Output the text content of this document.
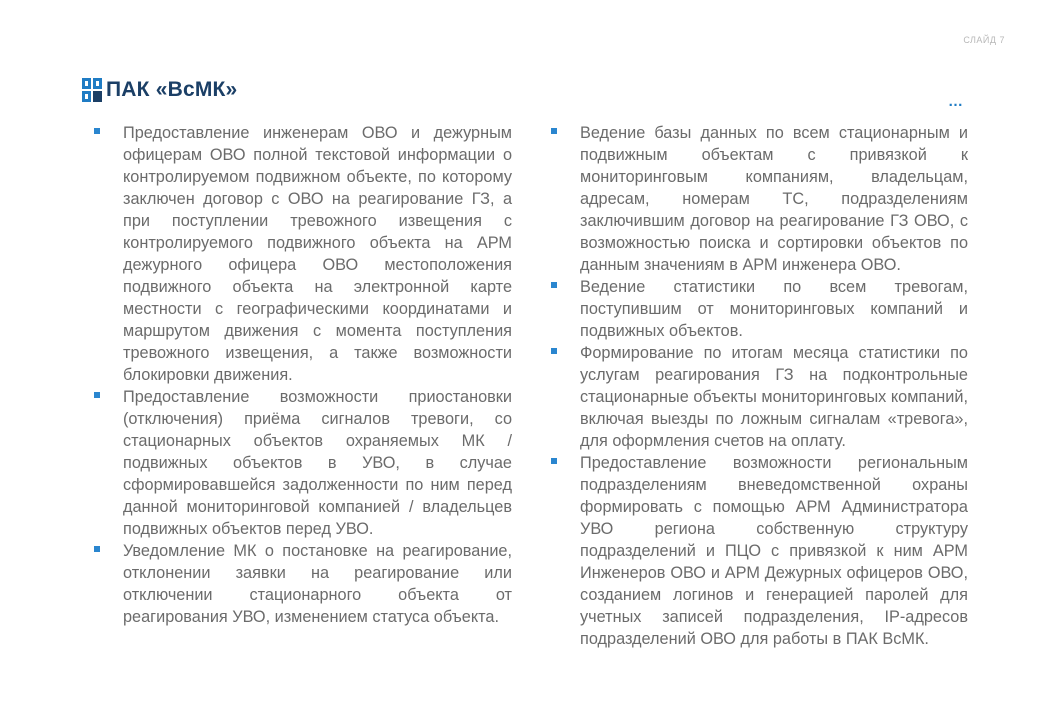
СЛАЙД 7
ПАК «ВсМК»
…
Предоставление инженерам ОВО и дежурным офицерам ОВО полной текстовой информации о контролируемом подвижном объекте, по которому заключен договор с ОВО на реагирование ГЗ, а при поступлении тревожного извещения с контролируемого подвижного объекта на АРМ дежурного офицера ОВО местоположения подвижного объекта на электронной карте местности с географическими координатами и маршрутом движения с момента поступления тревожного извещения, а также возможности блокировки движения.
Предоставление возможности приостановки (отключения) приёма сигналов тревоги, со стационарных объектов охраняемых МК / подвижных объектов в УВО, в случае сформировавшейся задолженности по ним перед данной мониторинговой компанией / владельцев подвижных объектов перед УВО.
Уведомление МК о постановке на реагирование, отклонении заявки на реагирование или отключении стационарного объекта от реагирования УВО, изменением статуса объекта.
Ведение базы данных по всем стационарным и подвижным объектам с привязкой к мониторинговым компаниям, владельцам, адресам, номерам ТС, подразделениям заключившим договор на реагирование ГЗ ОВО, с возможностью поиска и сортировки объектов по данным значениям в АРМ инженера ОВО.
Ведение статистики по всем тревогам, поступившим от мониторинговых компаний и подвижных объектов.
Формирование по итогам месяца статистики по услугам реагирования ГЗ на подконтрольные стационарные объекты мониторинговых компаний, включая выезды по ложным сигналам «тревога», для оформления счетов на оплату.
Предоставление возможности региональным подразделениям вневедомственной охраны формировать с помощью АРМ Администратора УВО региона собственную структуру подразделений и ПЦО с привязкой к ним АРМ Инженеров ОВО и АРМ Дежурных офицеров ОВО, созданием логинов и генерацией паролей для учетных записей подразделения, IP-адресов подразделений ОВО для работы в ПАК ВсМК.
